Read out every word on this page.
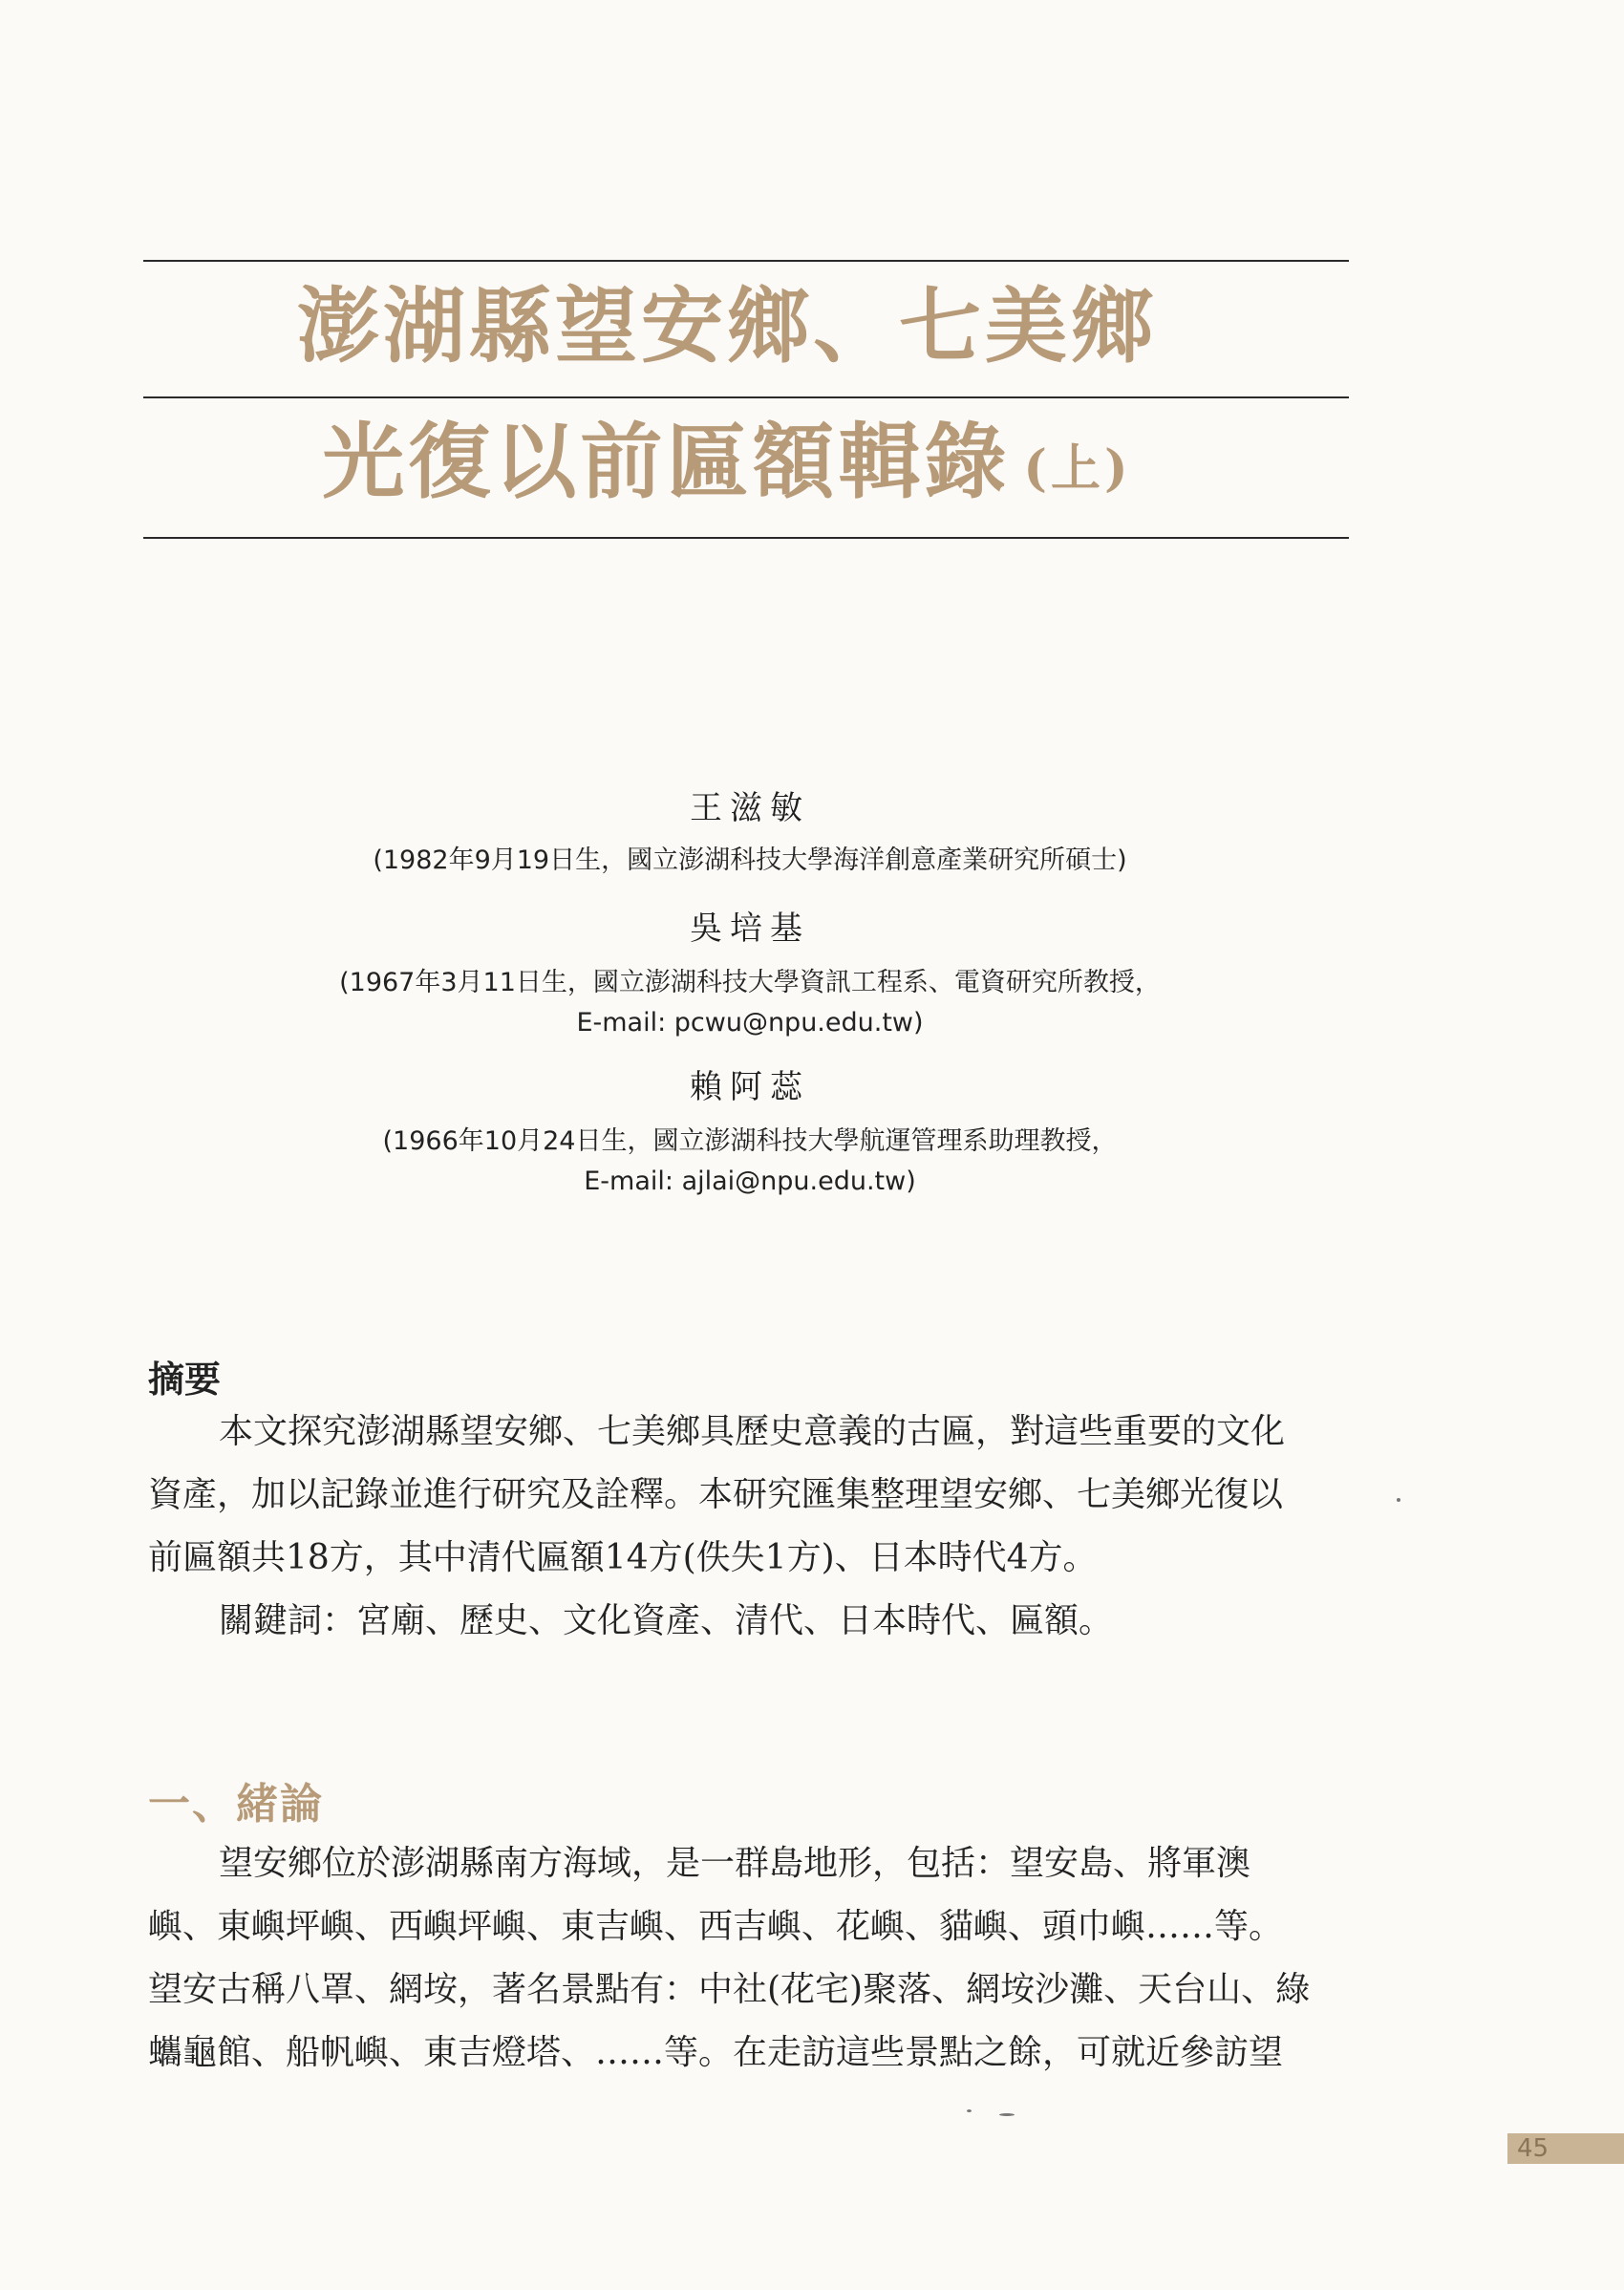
澎湖縣望安鄉、七美鄉
光復以前匾額輯錄 (上)
王滋敏
(1982年9月19日生，國立澎湖科技大學海洋創意產業研究所碩士)
吳培基
(1967年3月11日生，國立澎湖科技大學資訊工程系、電資研究所教授，
E-mail: pcwu@npu.edu.tw)
賴阿蕊
(1966年10月24日生，國立澎湖科技大學航運管理系助理教授，
E-mail: ajlai@npu.edu.tw)
摘要
本文探究澎湖縣望安鄉、七美鄉具歷史意義的古匾，對這些重要的文化
資產，加以記錄並進行研究及詮釋。本研究匯集整理望安鄉、七美鄉光復以
前匾額共18方，其中清代匾額14方(佚失1方)、日本時代4方。
關鍵詞：宮廟、歷史、文化資產、清代、日本時代、匾額。
一、緒論
望安鄉位於澎湖縣南方海域，是一群島地形，包括：望安島、將軍澳
嶼、東嶼坪嶼、西嶼坪嶼、東吉嶼、西吉嶼、花嶼、貓嶼、頭巾嶼……等。
望安古稱八罩、網垵，著名景點有：中社(花宅)聚落、網垵沙灘、天台山、綠
蠵龜館、船帆嶼、東吉燈塔、……等。在走訪這些景點之餘，可就近參訪望
45
